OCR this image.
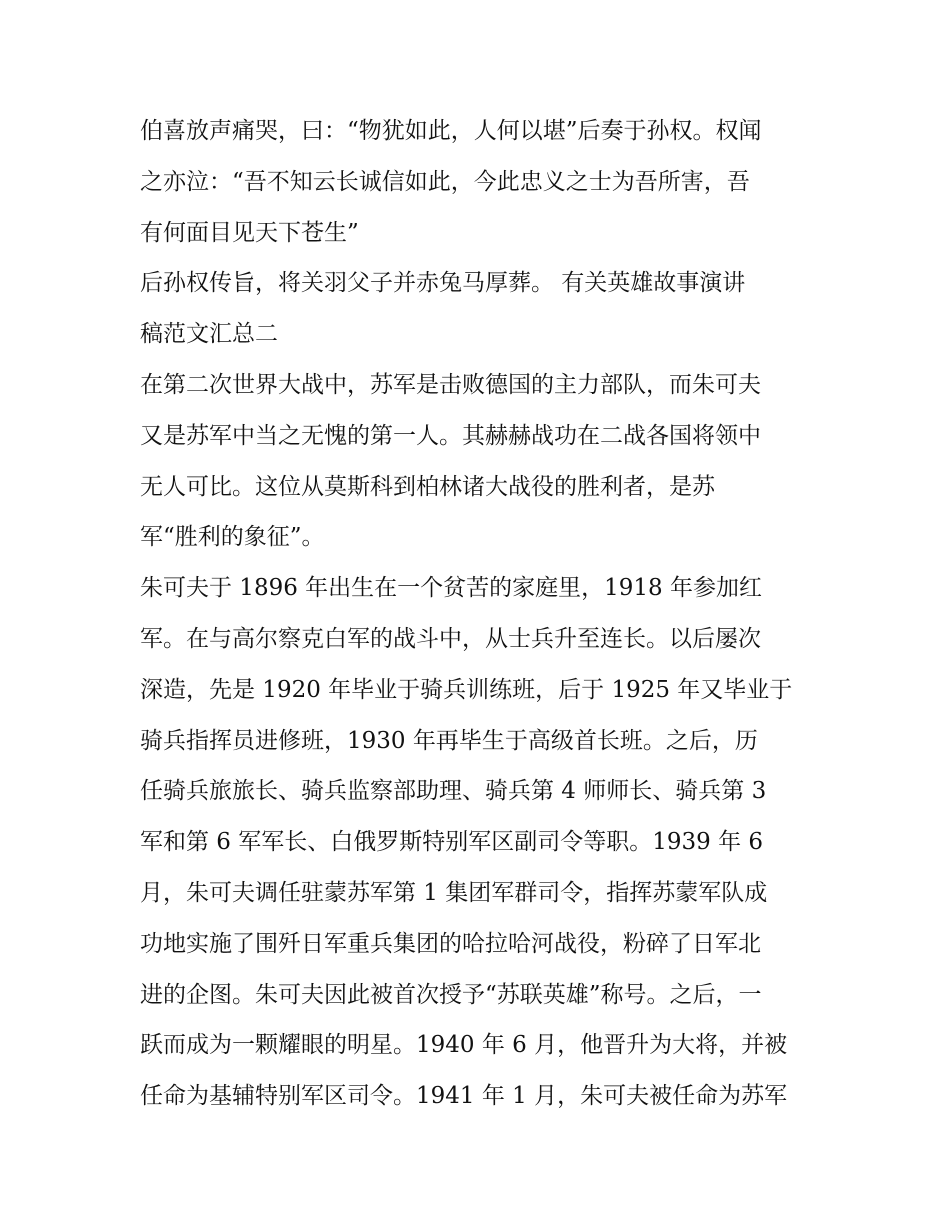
伯喜放声痛哭，曰：“物犹如此，人何以堪”后奏于孙权。权闻

之亦泣：“吾不知云长诚信如此，今此忠义之士为吾所害，吾

有何面目见天下苍生”

后孙权传旨，将关羽父子并赤兔马厚葬。 有关英雄故事演讲

稿范文汇总二

在第二次世界大战中，苏军是击败德国的主力部队，而朱可夫

又是苏军中当之无愧的第一人。其赫赫战功在二战各国将领中

无人可比。这位从莫斯科到柏林诸大战役的胜利者，是苏

军“胜利的象征”。

朱可夫于 1896 年出生在一个贫苦的家庭里，1918 年参加红

军。在与高尔察克白军的战斗中，从士兵升至连长。以后屡次

深造，先是 1920 年毕业于骑兵训练班，后于 1925 年又毕业于

骑兵指挥员进修班，1930 年再毕生于高级首长班。之后，历

任骑兵旅旅长、骑兵监察部助理、骑兵第 4 师师长、骑兵第 3

军和第 6 军军长、白俄罗斯特别军区副司令等职。1939 年 6

月，朱可夫调任驻蒙苏军第 1 集团军群司令，指挥苏蒙军队成

功地实施了围歼日军重兵集团的哈拉哈河战役，粉碎了日军北

进的企图。朱可夫因此被首次授予“苏联英雄”称号。之后，一

跃而成为一颗耀眼的明星。1940 年 6 月，他晋升为大将，并被

任命为基辅特别军区司令。1941 年 1 月，朱可夫被任命为苏军
